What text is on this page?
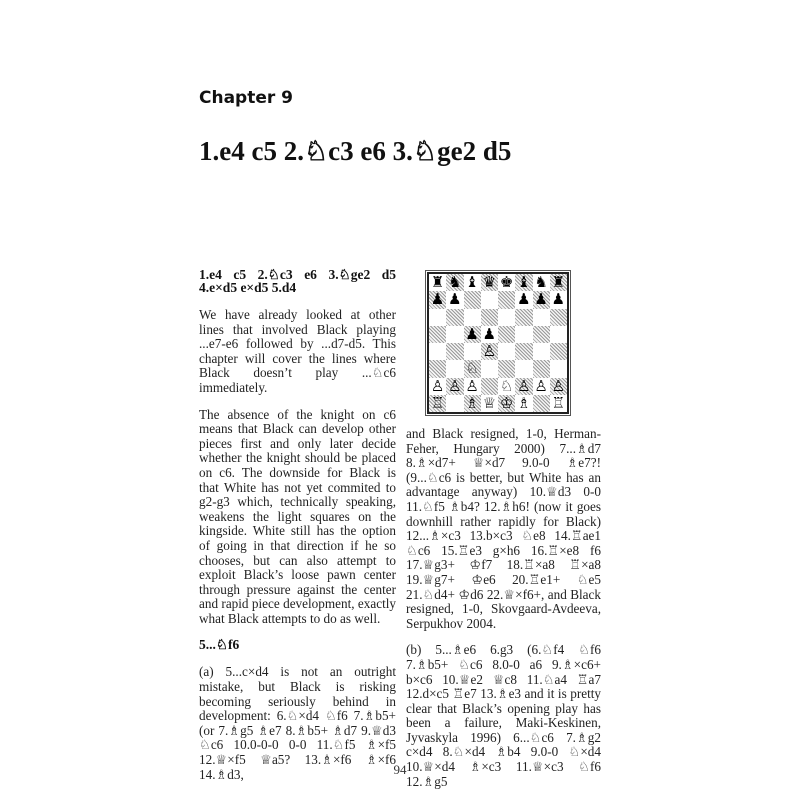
Chapter 9
1.e4 c5 2.♘c3 e6 3.♘ge2 d5
1.e4 c5 2.♘c3 e6 3.♘ge2 d5 4.e×d5 e×d5 5.d4

We have already looked at other lines that involved Black playing ...e7-e6 followed by ...d7-d5. This chapter will cover the lines where Black doesn’t play ...♘c6 immediately.

The absence of the knight on c6 means that Black can develop other pieces first and only later decide whether the knight should be placed on c6. The downside for Black is that White has not yet commited to g2-g3 which, technically speaking, weakens the light squares on the kingside. White still has the option of going in that direction if he so chooses, but can also attempt to exploit Black’s loose pawn center through pressure against the center and rapid piece development, exactly what Black attempts to do as well.

5...♘f6

(a) 5...c×d4 is not an outright mistake, but Black is risking becoming seriously behind in development: 6.♘×d4 ♘f6 7.♗b5+ (or 7.♗g5 ♗e7 8.♗b5+ ♗d7 9.♕d3 ♘c6 10.0-0-0 0-0 11.♘f5 ♗×f5 12.♕×f5 ♕a5? 13.♗×f6 ♗×f6 14.♗d3,

♜ ♞ ♝ ♛ ♚ ♝ ♞ ♜
♟ ♟	♟ ♟ ♟
♟ ♟
♙
♘
♙ ♙ ♙ ♘ ♙ ♙ ♙
♖ ♗ ♕ ♔ ♗ ♖

and Black resigned, 1-0, Herman-Feher, Hungary 2000) 7...♗d7 8.♗×d7+ ♕×d7 9.0-0 ♗e7?! (9...♘c6 is better, but White has an advantage anyway) 10.♕d3 0-0 11.♘f5 ♗b4? 12.♗h6! (now it goes downhill rather rapidly for Black) 12...♗×c3 13.b×c3 ♘e8 14.♖ae1 ♘c6 15.♖e3 g×h6 16.♖×e8 f6 17.♕g3+ ♔f7 18.♖×a8 ♖×a8 19.♕g7+ ♔e6 20.♖e1+ ♘e5 21.♘d4+ ♔d6 22.♕×f6+, and Black resigned, 1-0, Skovgaard-Avdeeva, Serpukhov 2004.

(b) 5...♗e6 6.g3 (6.♘f4 ♘f6 7.♗b5+ ♘c6 8.0-0 a6 9.♗×c6+ b×c6 10.♕e2 ♕c8 11.♘a4 ♖a7 12.d×c5 ♖e7 13.♗e3 and it is pretty clear that Black’s opening play has been a failure, Maki-Keskinen, Jyvaskyla 1996) 6...♘c6 7.♗g2 c×d4 8.♘×d4 ♗b4 9.0-0 ♘×d4 10.♕×d4 ♗×c3 11.♕×c3 ♘f6 12.♗g5

94
